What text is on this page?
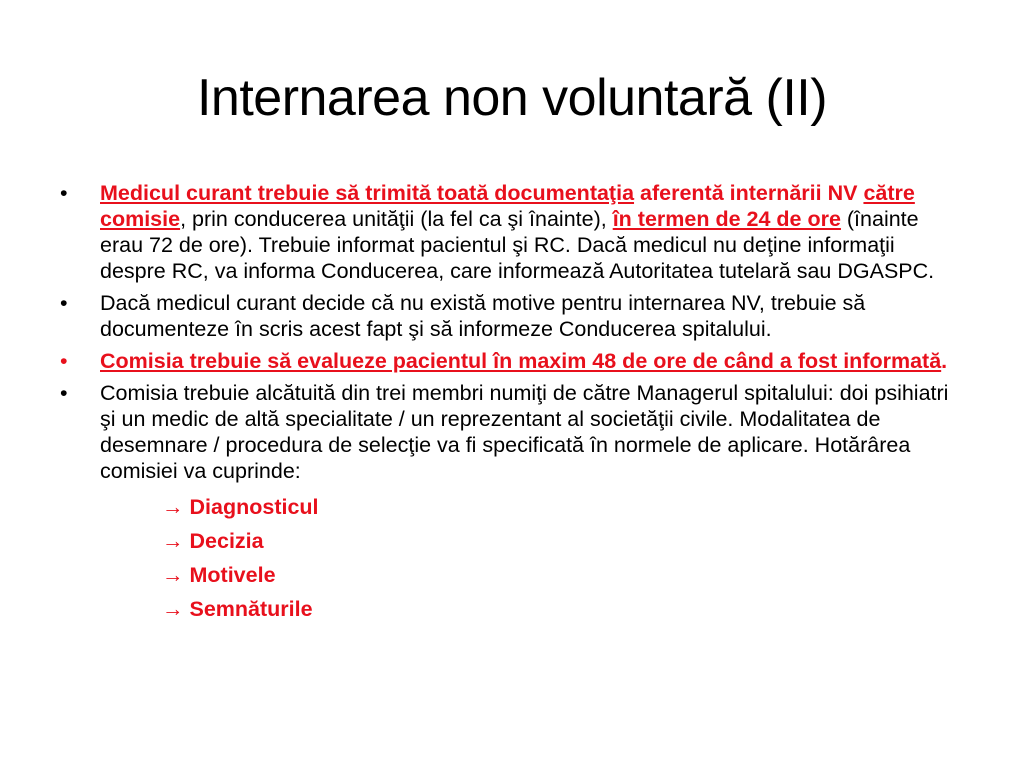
Internarea non voluntară (II)
•	Medicul curant trebuie să trimită toată documentaţia aferentă internării NV către comisie, prin conducerea unităţii (la fel ca şi înainte), în termen de 24 de ore (înainte erau 72 de ore). Trebuie informat pacientul şi RC. Dacă medicul nu deţine informaţii despre RC, va informa Conducerea, care informează Autoritatea tutelară sau DGASPC.
•	Dacă medicul curant decide că nu există motive pentru internarea NV, trebuie să documenteze în scris acest fapt şi să informeze Conducerea spitalului.
•	Comisia trebuie să evalueze pacientul în maxim 48 de ore de când a fost informată.
•	Comisia trebuie alcătuită din trei membri numiţi de către Managerul spitalului: doi psihiatri şi un medic de altă specialitate / un reprezentant al societăţii civile. Modalitatea de desemnare / procedura de selecţie va fi specificată în normele de aplicare. Hotărârea comisiei va cuprinde:
→ Diagnosticul
→ Decizia
→ Motivele
→ Semnăturile
